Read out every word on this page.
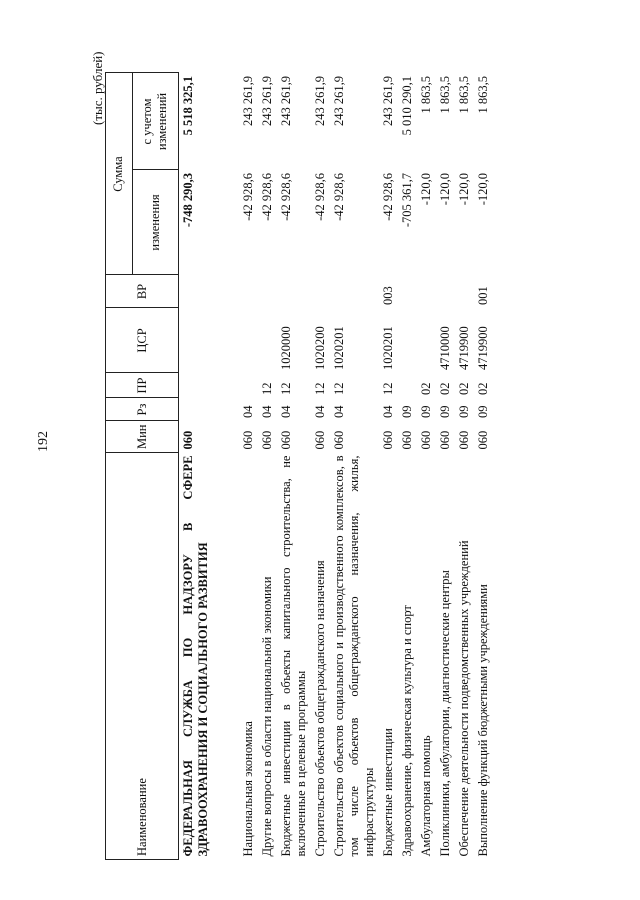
192
(тыс. рублей)
Наименование	Мин	Рз	ПР	ЦСР	ВР	Сумма	
						изменения	с учетом изменений
ФЕДЕРАЛЬНАЯ СЛУЖБА ПО НАДЗОРУ В СФЕРЕ ЗДРАВООХРАНЕНИЯ И СОЦИАЛЬНОГО РАЗВИТИЯ	060					-748 290,3	5 518 325,1
Национальная экономика	060	04				-42 928,6	243 261,9
Другие вопросы в области национальной экономики	060	04	12			-42 928,6	243 261,9
Бюджетные инвестиции в объекты капитального строительства, не включенные в целевые программы	060	04	12	1020000		-42 928,6	243 261,9
Строительство объектов общегражданского назначения	060	04	12	1020200		-42 928,6	243 261,9
Строительство объектов социального и производственного комплексов, в том числе объектов общегражданского назначения, жилья, инфраструктуры	060	04	12	1020201		-42 928,6	243 261,9
Бюджетные инвестиции	060	04	12	1020201	003	-42 928,6	243 261,9
Здравоохранение, физическая культура и спорт	060	09				-705 361,7	5 010 290,1
Амбулаторная помощь	060	09	02			-120,0	1 863,5
Поликлиники, амбулатории, диагностические центры	060	09	02	4710000		-120,0	1 863,5
Обеспечение деятельности подведомственных учреждений	060	09	02	4719900		-120,0	1 863,5
Выполнение функций бюджетными учреждениями	060	09	02	4719900	001	-120,0	1 863,5
